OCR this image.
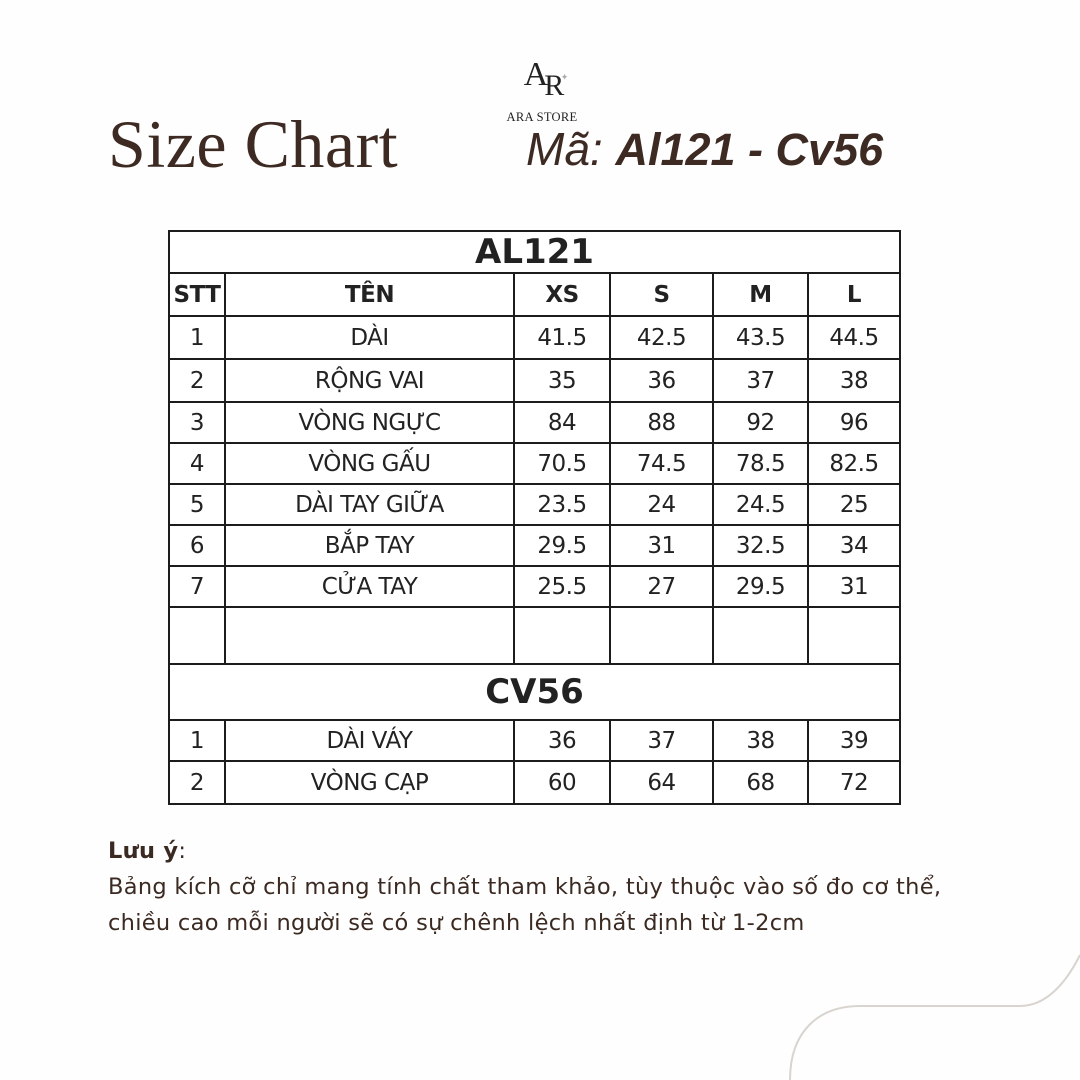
AR ✦
ARA STORE
Size Chart	Mã: Al121 - Cv56
AL121					
STT	TÊN	XS	S	M	L
1	DÀI	41.5	42.5	43.5	44.5
2	RỘNG VAI	35	36	37	38
3	VÒNG NGỰC	84	88	92	96
4	VÒNG GẤU	70.5	74.5	78.5	82.5
5	DÀI TAY GIỮA	23.5	24	24.5	25
6	BẮP TAY	29.5	31	32.5	34
7	CỬA TAY	25.5	27	29.5	31

CV56					
1	DÀI VÁY	36	37	38	39
2	VÒNG CẠP	60	64	68	72
Lưu ý:
Bảng kích cỡ chỉ mang tính chất tham khảo, tùy thuộc vào số đo cơ thể, chiều cao mỗi người sẽ có sự chênh lệch nhất định từ 1-2cm
